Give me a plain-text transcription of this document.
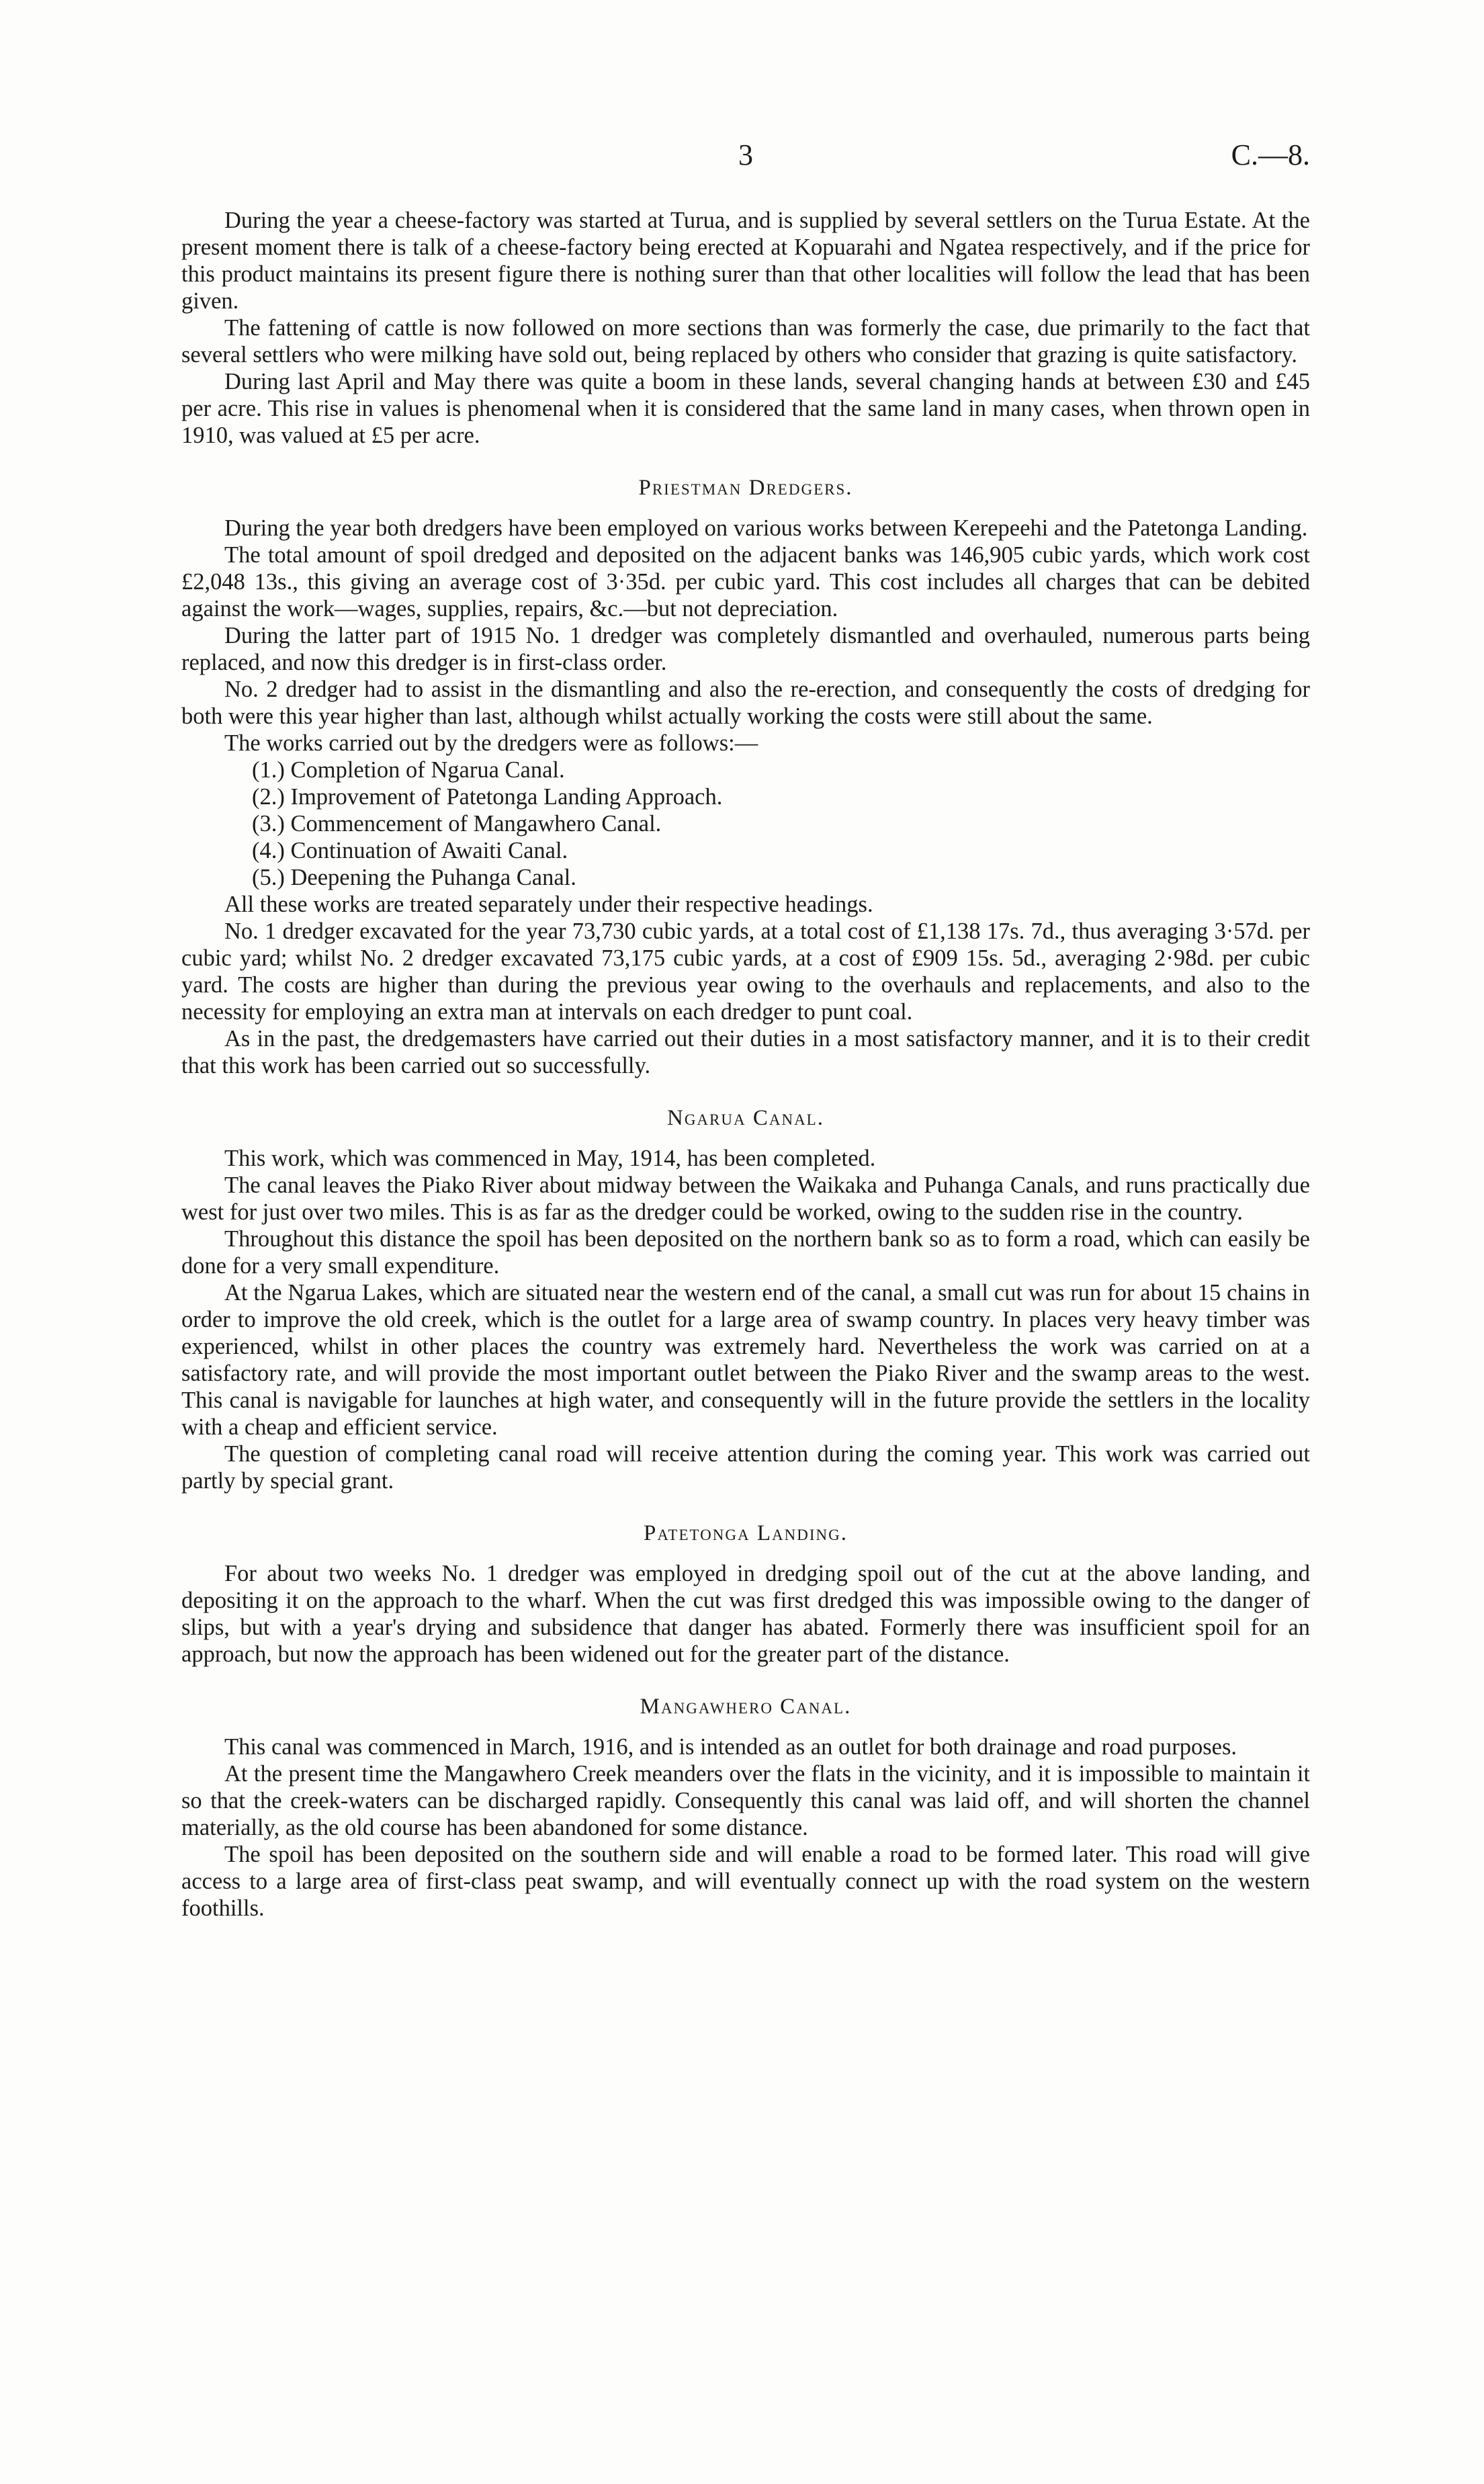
3	C.—8.

During the year a cheese-factory was started at Turua, and is supplied by several settlers on the Turua Estate. At the present moment there is talk of a cheese-factory being erected at Kopuarahi and Ngatea respectively, and if the price for this product maintains its present figure there is nothing surer than that other localities will follow the lead that has been given.

The fattening of cattle is now followed on more sections than was formerly the case, due primarily to the fact that several settlers who were milking have sold out, being replaced by others who consider that grazing is quite satisfactory.

During last April and May there was quite a boom in these lands, several changing hands at between £30 and £45 per acre. This rise in values is phenomenal when it is considered that the same land in many cases, when thrown open in 1910, was valued at £5 per acre.

Priestman Dredgers.

During the year both dredgers have been employed on various works between Kerepeehi and the Patetonga Landing.

The total amount of spoil dredged and deposited on the adjacent banks was 146,905 cubic yards, which work cost £2,048 13s., this giving an average cost of 3·35d. per cubic yard. This cost includes all charges that can be debited against the work—wages, supplies, repairs, &c.—but not depreciation.

During the latter part of 1915 No. 1 dredger was completely dismantled and overhauled, numerous parts being replaced, and now this dredger is in first-class order.

No. 2 dredger had to assist in the dismantling and also the re-erection, and consequently the costs of dredging for both were this year higher than last, although whilst actually working the costs were still about the same.

The works carried out by the dredgers were as follows:—

(1.) Completion of Ngarua Canal.
(2.) Improvement of Patetonga Landing Approach.
(3.) Commencement of Mangawhero Canal.
(4.) Continuation of Awaiti Canal.
(5.) Deepening the Puhanga Canal.

All these works are treated separately under their respective headings.

No. 1 dredger excavated for the year 73,730 cubic yards, at a total cost of £1,138 17s. 7d., thus averaging 3·57d. per cubic yard; whilst No. 2 dredger excavated 73,175 cubic yards, at a cost of £909 15s. 5d., averaging 2·98d. per cubic yard. The costs are higher than during the previous year owing to the overhauls and replacements, and also to the necessity for employing an extra man at intervals on each dredger to punt coal.

As in the past, the dredgemasters have carried out their duties in a most satisfactory manner, and it is to their credit that this work has been carried out so successfully.

Ngarua Canal.

This work, which was commenced in May, 1914, has been completed.

The canal leaves the Piako River about midway between the Waikaka and Puhanga Canals, and runs practically due west for just over two miles. This is as far as the dredger could be worked, owing to the sudden rise in the country.

Throughout this distance the spoil has been deposited on the northern bank so as to form a road, which can easily be done for a very small expenditure.

At the Ngarua Lakes, which are situated near the western end of the canal, a small cut was run for about 15 chains in order to improve the old creek, which is the outlet for a large area of swamp country. In places very heavy timber was experienced, whilst in other places the country was extremely hard. Nevertheless the work was carried on at a satisfactory rate, and will provide the most important outlet between the Piako River and the swamp areas to the west. This canal is navigable for launches at high water, and consequently will in the future provide the settlers in the locality with a cheap and efficient service.

The question of completing canal road will receive attention during the coming year. This work was carried out partly by special grant.

Patetonga Landing.

For about two weeks No. 1 dredger was employed in dredging spoil out of the cut at the above landing, and depositing it on the approach to the wharf. When the cut was first dredged this was impossible owing to the danger of slips, but with a year's drying and subsidence that danger has abated. Formerly there was insufficient spoil for an approach, but now the approach has been widened out for the greater part of the distance.

Mangawhero Canal.

This canal was commenced in March, 1916, and is intended as an outlet for both drainage and road purposes.

At the present time the Mangawhero Creek meanders over the flats in the vicinity, and it is impossible to maintain it so that the creek-waters can be discharged rapidly. Consequently this canal was laid off, and will shorten the channel materially, as the old course has been abandoned for some distance.

The spoil has been deposited on the southern side and will enable a road to be formed later. This road will give access to a large area of first-class peat swamp, and will eventually connect up with the road system on the western foothills.
